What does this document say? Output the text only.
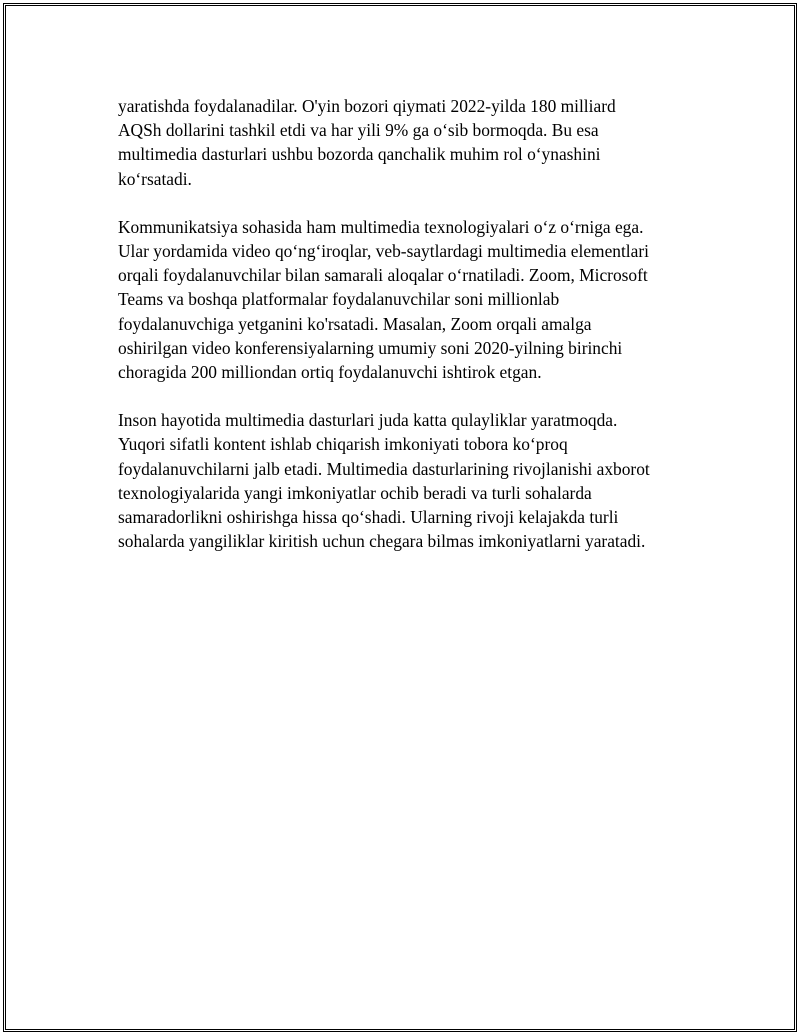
yaratishda foydalanadilar. O'yin bozori qiymati 2022-yilda 180 milliard
AQSh dollarini tashkil etdi va har yili 9% ga o‘sib bormoqda. Bu esa
multimedia dasturlari ushbu bozorda qanchalik muhim rol o‘ynashini
ko‘rsatadi.

Kommunikatsiya sohasida ham multimedia texnologiyalari o‘z o‘rniga ega.
Ular yordamida video qo‘ng‘iroqlar, veb-saytlardagi multimedia elementlari
orqali foydalanuvchilar bilan samarali aloqalar o‘rnatiladi. Zoom, Microsoft
Teams va boshqa platformalar foydalanuvchilar soni millionlab
foydalanuvchiga yetganini ko'rsatadi. Masalan, Zoom orqali amalga
oshirilgan video konferensiyalarning umumiy soni 2020-yilning birinchi
choragida 200 milliondan ortiq foydalanuvchi ishtirok etgan.

Inson hayotida multimedia dasturlari juda katta qulayliklar yaratmoqda.
Yuqori sifatli kontent ishlab chiqarish imkoniyati tobora ko‘proq
foydalanuvchilarni jalb etadi. Multimedia dasturlarining rivojlanishi axborot
texnologiyalarida yangi imkoniyatlar ochib beradi va turli sohalarda
samaradorlikni oshirishga hissa qo‘shadi. Ularning rivoji kelajakda turli
sohalarda yangiliklar kiritish uchun chegara bilmas imkoniyatlarni yaratadi.
